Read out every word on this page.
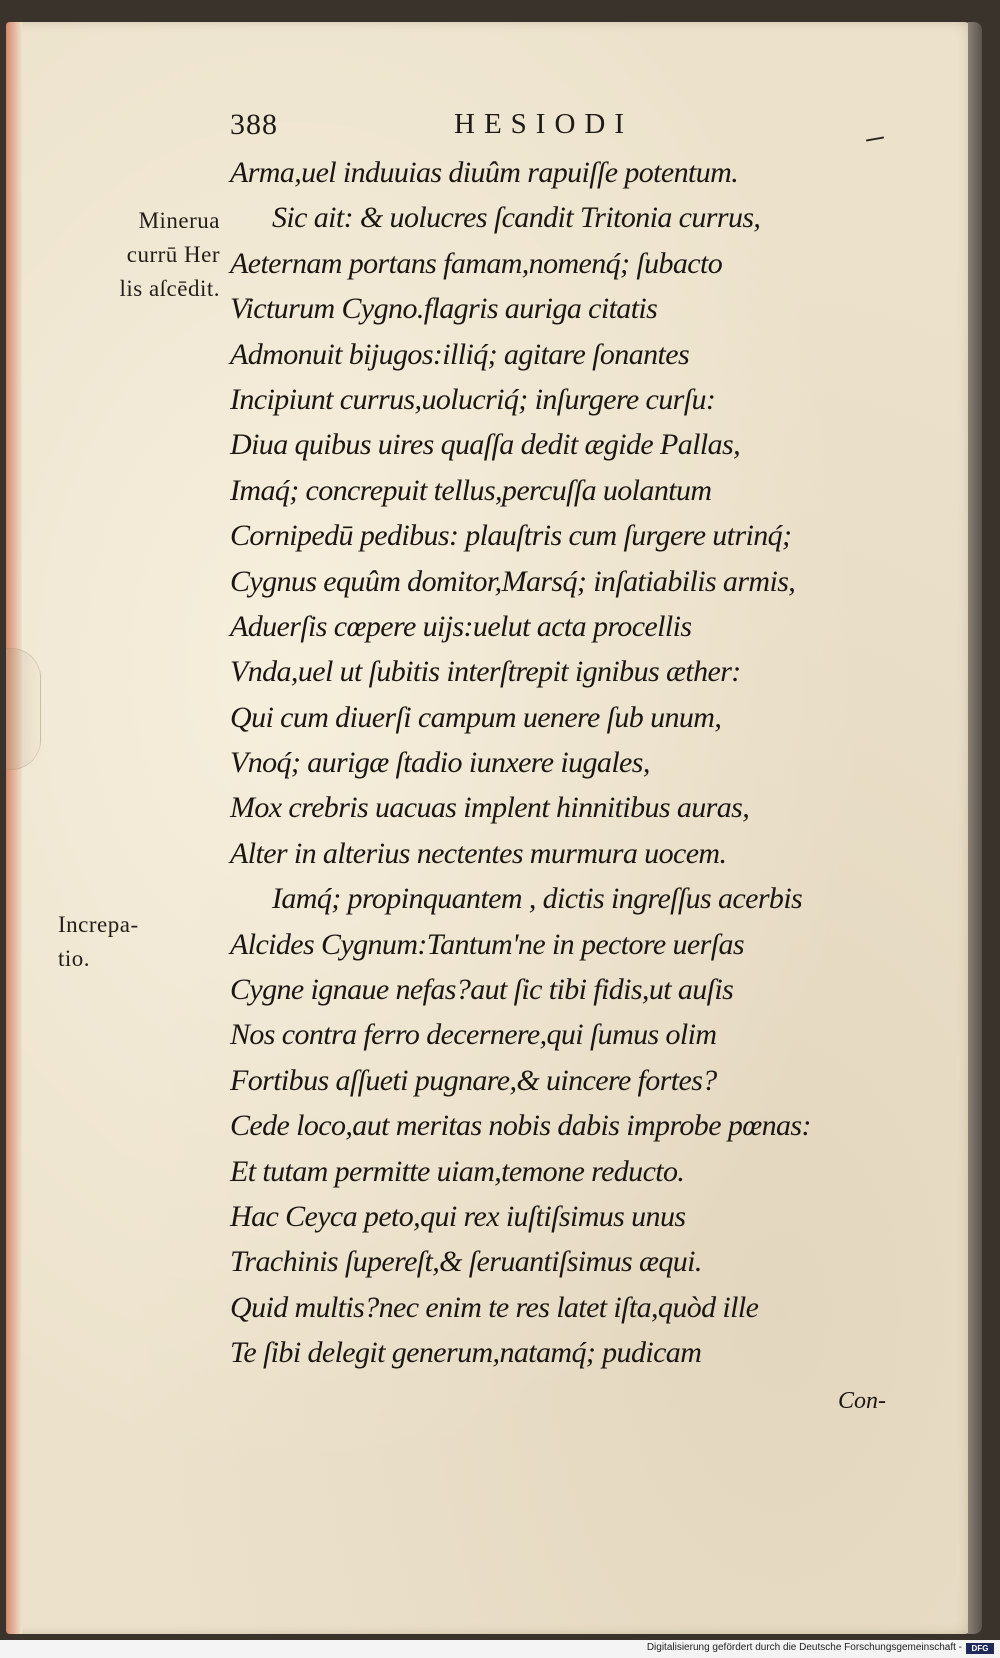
388	HESIODI
Minerua
currū Her
lis aſcēdit.
Increpa-
tio.
Arma,uel induuias diuûm rapuiſſe potentum.
Sic ait: & uolucres ſcandit Tritonia currus,
Aeternam portans famam,nomenq́; ſubacto
Victurum Cygno.flagris auriga citatis
Admonuit bijugos:illiq́; agitare ſonantes
Incipiunt currus,uolucriq́; inſurgere curſu:
Diua quibus uires quaſſa dedit ægide Pallas,
Imaq́; concrepuit tellus,percuſſa uolantum
Cornipedū pedibus: plauſtris cum ſurgere utrinq́;
Cygnus equûm domitor,Marsq́; inſatiabilis armis,
Aduerſis cœpere uijs:uelut acta procellis
Vnda,uel ut ſubitis interſtrepit ignibus æther:
Qui cum diuerſi campum uenere ſub unum,
Vnoq́; aurigæ ſtadio iunxere iugales,
Mox crebris uacuas implent hinnitibus auras,
Alter in alterius nectentes murmura uocem.
Iamq́; propinquantem , dictis ingreſſus acerbis
Alcides Cygnum:Tantum'ne in pectore uerſas
Cygne ignaue nefas?aut ſic tibi fidis,ut auſis
Nos contra ferro decernere,qui ſumus olim
Fortibus aſſueti pugnare,& uincere fortes?
Cede loco,aut meritas nobis dabis improbe pœnas:
Et tutam permitte uiam,temone reducto.
Hac Ceyca peto,qui rex iuſtiſsimus unus
Trachinis ſupereſt,& ſeruantiſsimus æqui.
Quid multis?nec enim te res latet iſta,quòd ille
Te ſibi delegit generum,natamq́; pudicam
Con-
Digitalisierung gefördert durch die Deutsche Forschungsgemeinschaft -	DFG
